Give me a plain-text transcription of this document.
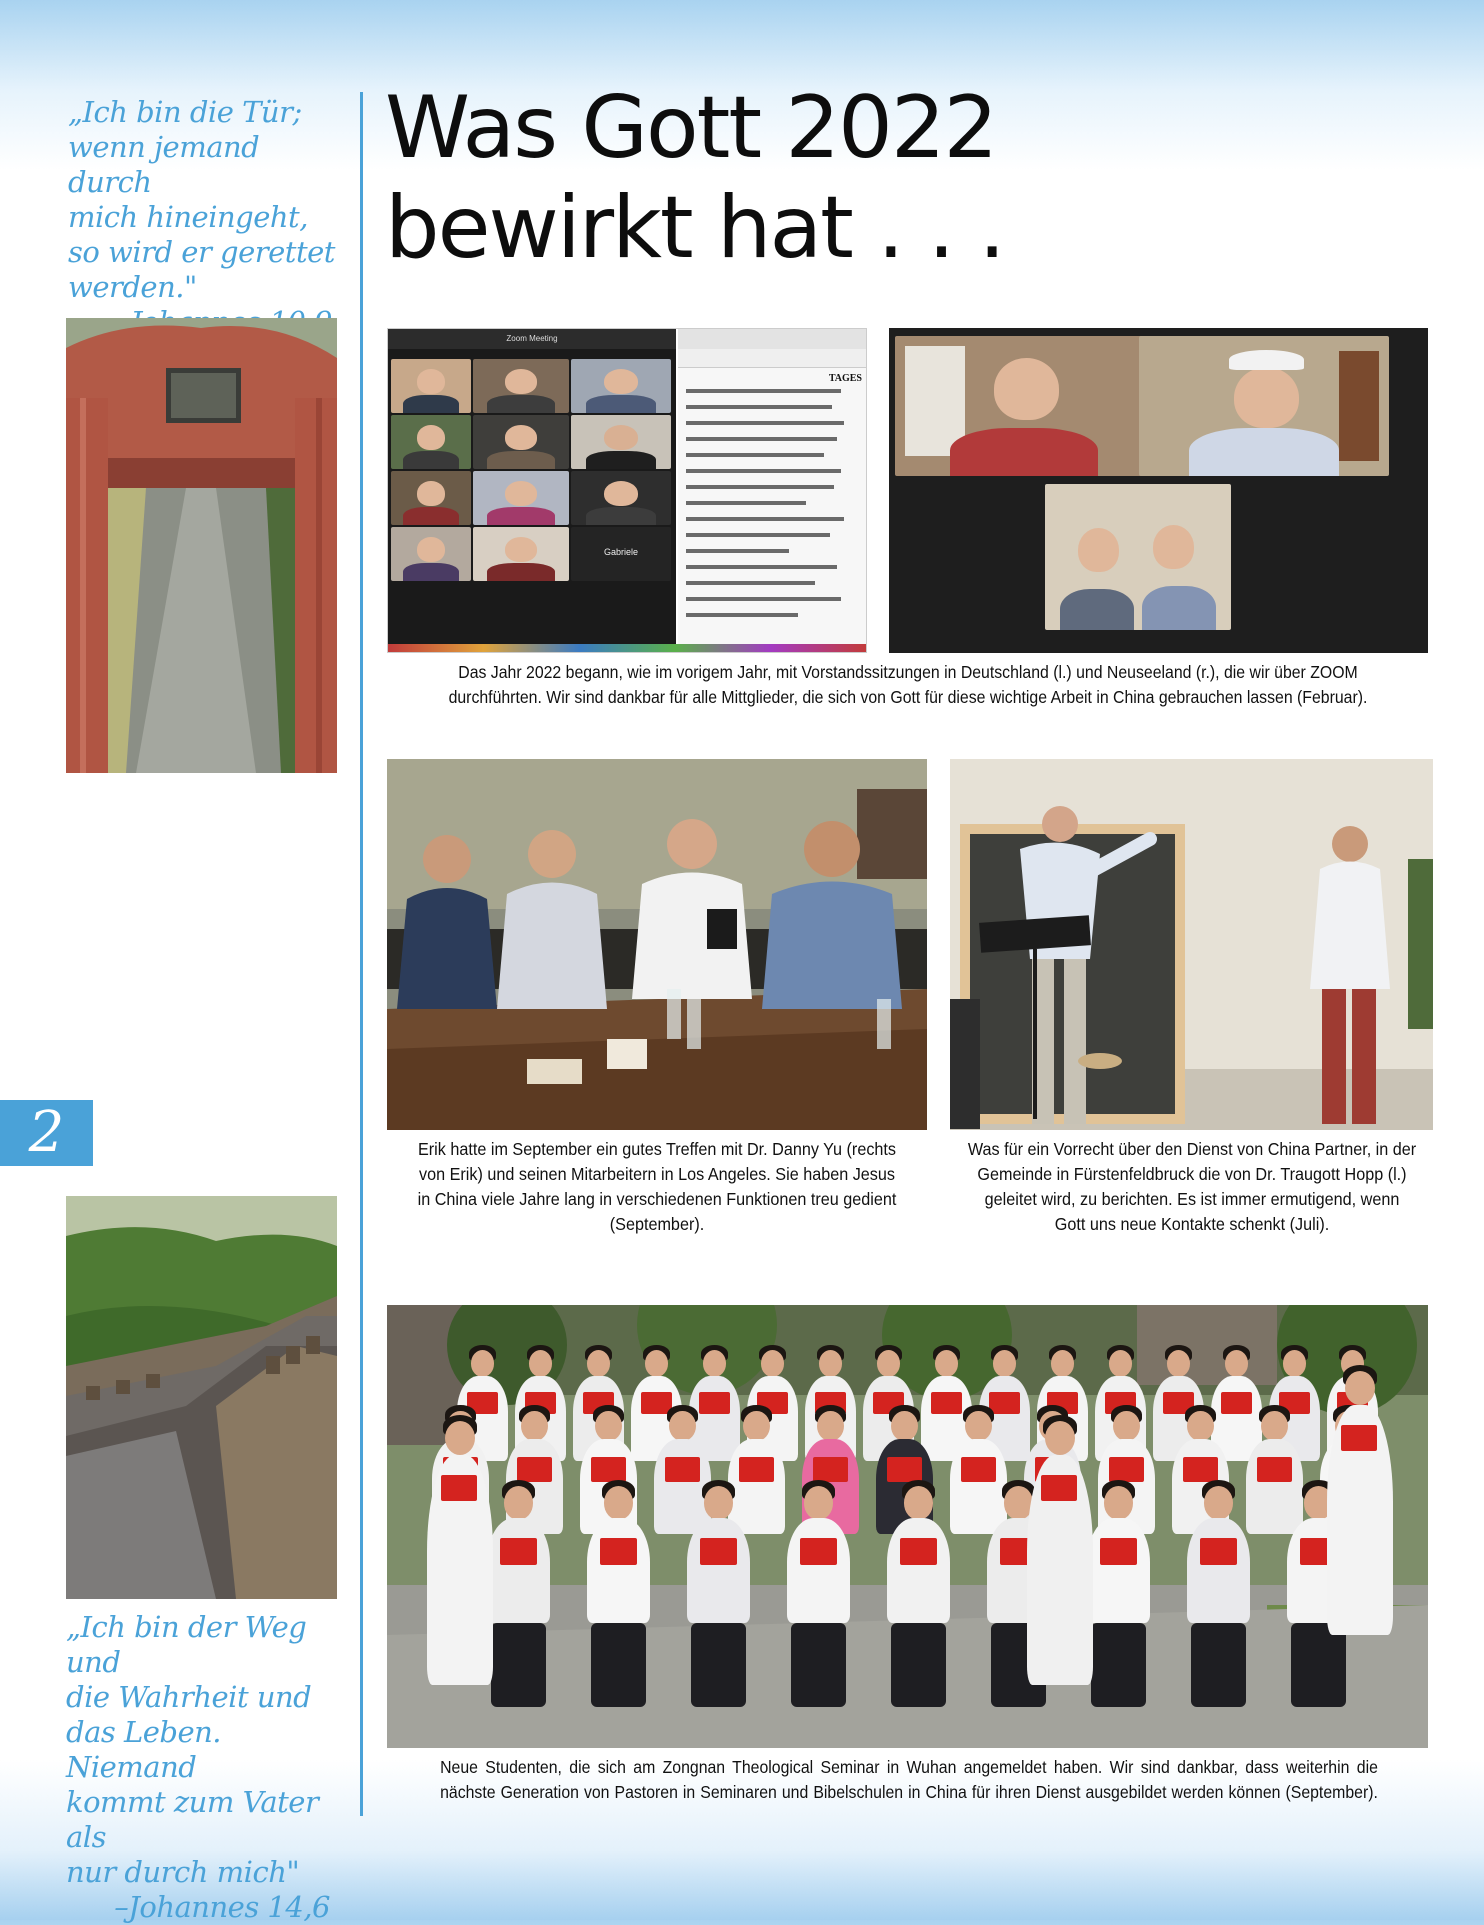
„Ich bin die Tür;
wenn jemand durch
mich hineingeht,
so wird er gerettet
werden."
2
„Ich bin der Weg und
die Wahrheit und
das Leben. Niemand
kommt zum Vater als
nur durch mich"
–Johannes 14,6
Was Gott 2022
bewirkt hat . . .
Zoom Meeting
Gabriele
TAGES
Das Jahr 2022 begann, wie im vorigem Jahr, mit Vorstandssitzungen in Deutschland (l.) und Neuseeland (r.), die wir über ZOOM durchführten. Wir sind dankbar für alle Mittglieder, die sich von Gott für diese wichtige Arbeit in China gebrauchen lassen (Februar).
Erik hatte im September ein gutes Treffen mit Dr. Danny Yu (rechts von Erik) und seinen Mitarbeitern in Los Angeles. Sie haben Jesus in China viele Jahre lang in verschiedenen Funktionen treu gedient (September).
Was für ein Vorrecht über den Dienst von China Partner, in der Gemeinde in Fürstenfeldbruck die von Dr. Traugott Hopp (l.) geleitet wird, zu berichten. Es ist immer ermutigend, wenn Gott uns neue Kontakte schenkt (Juli).
Neue Studenten, die sich am Zongnan Theological Seminar in Wuhan angemeldet haben. Wir sind dankbar, dass weiterhin die nächste Generation von Pastoren in Seminaren und Bibelschulen in China für ihren Dienst ausgebildet werden können (September).
